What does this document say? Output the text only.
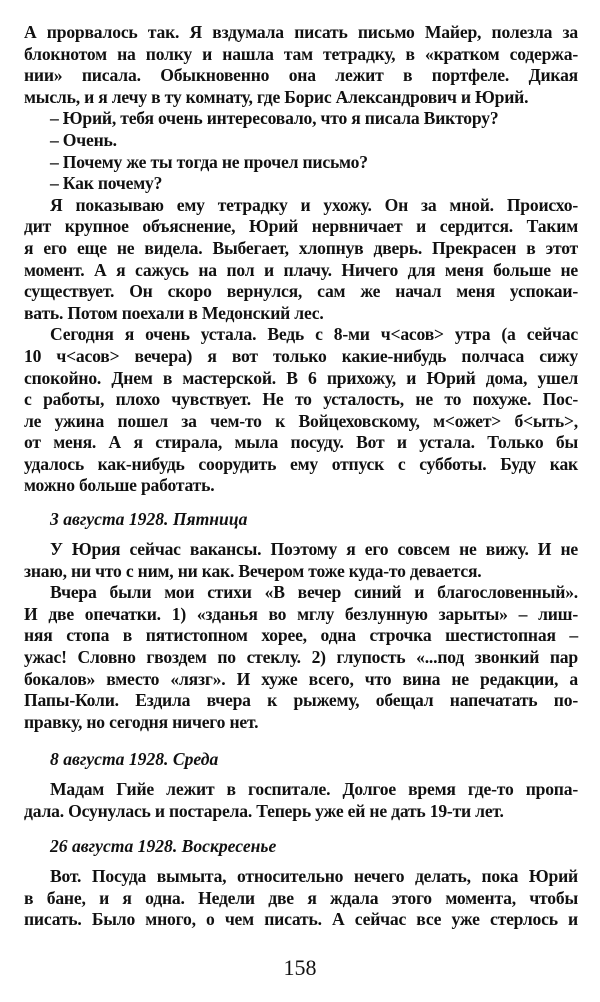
А прорвалось так. Я вздумала писать письмо Майер, полезла за
блокнотом на полку и нашла там тетрадку, в «кратком содержа-
нии» писала. Обыкновенно она лежит в портфеле. Дикая
мысль, и я лечу в ту комнату, где Борис Александрович и Юрий.
– Юрий, тебя очень интересовало, что я писала Виктору?
– Очень.
– Почему же ты тогда не прочел письмо?
– Как почему?
Я показываю ему тетрадку и ухожу. Он за мной. Происхо-
дит крупное объяснение, Юрий нервничает и сердится. Таким
я его еще не видела. Выбегает, хлопнув дверь. Прекрасен в этот
момент. А я сажусь на пол и плачу. Ничего для меня больше не
существует. Он скоро вернулся, сам же начал меня успокаи-
вать. Потом поехали в Медонский лес.
Сегодня я очень устала. Ведь с 8-ми ч<асов> утра (а сейчас
10 ч<асов> вечера) я вот только какие-нибудь полчаса сижу
спокойно. Днем в мастерской. В 6 прихожу, и Юрий дома, ушел
с работы, плохо чувствует. Не то усталость, не то похуже. Пос-
ле ужина пошел за чем-то к Войцеховскому, м<ожет> б<ыть>,
от меня. А я стирала, мыла посуду. Вот и устала. Только бы
удалось как-нибудь соорудить ему отпуск с субботы. Буду как
можно больше работать.
3 августа 1928. Пятница
У Юрия сейчас вакансы. Поэтому я его совсем не вижу. И не
знаю, ни что с ним, ни как. Вечером тоже куда-то девается.
Вчера были мои стихи «В вечер синий и благословенный».
И две опечатки. 1) «зданья во мглу безлунную зарыты» – лиш-
няя стопа в пятистопном хорее, одна строчка шестистопная –
ужас! Словно гвоздем по стеклу. 2) глупость «...под звонкий пар
бокалов» вместо «лязг». И хуже всего, что вина не редакции, а
Папы-Коли. Ездила вчера к рыжему, обещал напечатать по-
правку, но сегодня ничего нет.
8 августа 1928. Среда
Мадам Гийе лежит в госпитале. Долгое время где-то пропа-
дала. Осунулась и постарела. Теперь уже ей не дать 19-ти лет.
26 августа 1928. Воскресенье
Вот. Посуда вымыта, относительно нечего делать, пока Юрий
в бане, и я одна. Недели две я ждала этого момента, чтобы
писать. Было много, о чем писать. А сейчас все уже стерлось и
158
